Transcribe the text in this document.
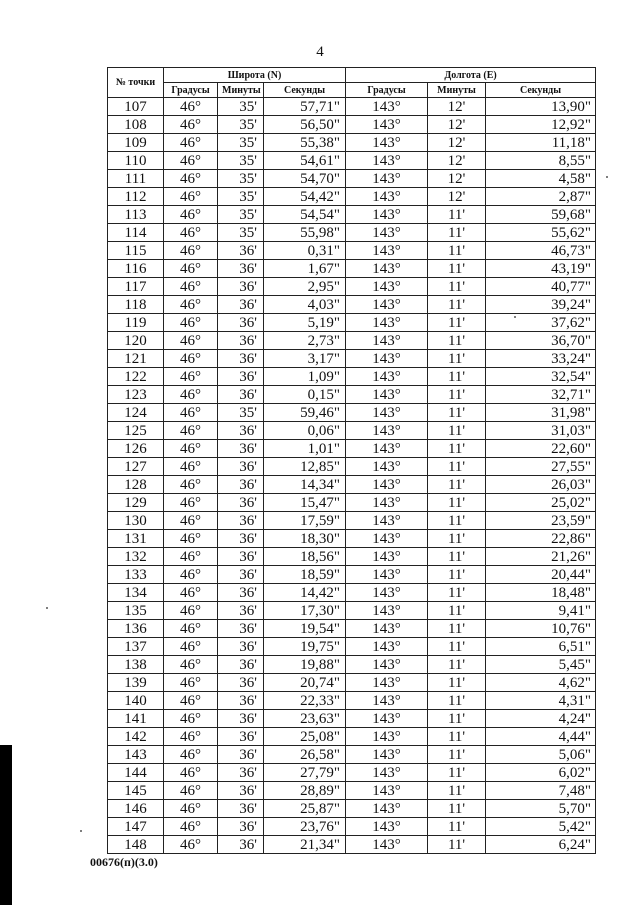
4
№ точки	Широта (N)			Долгота (E)		
	Градусы	Минуты	Секунды	Градусы	Минуты	Секунды
107	46°	35'	57,71"	143°	12'	13,90"
108	46°	35'	56,50"	143°	12'	12,92"
109	46°	35'	55,38"	143°	12'	11,18"
110	46°	35'	54,61"	143°	12'	8,55"
111	46°	35'	54,70"	143°	12'	4,58"
112	46°	35'	54,42"	143°	12'	2,87"
113	46°	35'	54,54"	143°	11'	59,68"
114	46°	35'	55,98"	143°	11'	55,62"
115	46°	36'	0,31"	143°	11'	46,73"
116	46°	36'	1,67"	143°	11'	43,19"
117	46°	36'	2,95"	143°	11'	40,77"
118	46°	36'	4,03"	143°	11'	39,24"
119	46°	36'	5,19"	143°	11'	37,62"
120	46°	36'	2,73"	143°	11'	36,70"
121	46°	36'	3,17"	143°	11'	33,24"
122	46°	36'	1,09"	143°	11'	32,54"
123	46°	36'	0,15"	143°	11'	32,71"
124	46°	35'	59,46"	143°	11'	31,98"
125	46°	36'	0,06"	143°	11'	31,03"
126	46°	36'	1,01"	143°	11'	22,60"
127	46°	36'	12,85"	143°	11'	27,55"
128	46°	36'	14,34"	143°	11'	26,03"
129	46°	36'	15,47"	143°	11'	25,02"
130	46°	36'	17,59"	143°	11'	23,59"
131	46°	36'	18,30"	143°	11'	22,86"
132	46°	36'	18,56"	143°	11'	21,26"
133	46°	36'	18,59"	143°	11'	20,44"
134	46°	36'	14,42"	143°	11'	18,48"
135	46°	36'	17,30"	143°	11'	9,41"
136	46°	36'	19,54"	143°	11'	10,76"
137	46°	36'	19,75"	143°	11'	6,51"
138	46°	36'	19,88"	143°	11'	5,45"
139	46°	36'	20,74"	143°	11'	4,62"
140	46°	36'	22,33"	143°	11'	4,31"
141	46°	36'	23,63"	143°	11'	4,24"
142	46°	36'	25,08"	143°	11'	4,44"
143	46°	36'	26,58"	143°	11'	5,06"
144	46°	36'	27,79"	143°	11'	6,02"
145	46°	36'	28,89"	143°	11'	7,48"
146	46°	36'	25,87"	143°	11'	5,70"
147	46°	36'	23,76"	143°	11'	5,42"
148	46°	36'	21,34"	143°	11'	6,24"
00676(п)(3.0)
